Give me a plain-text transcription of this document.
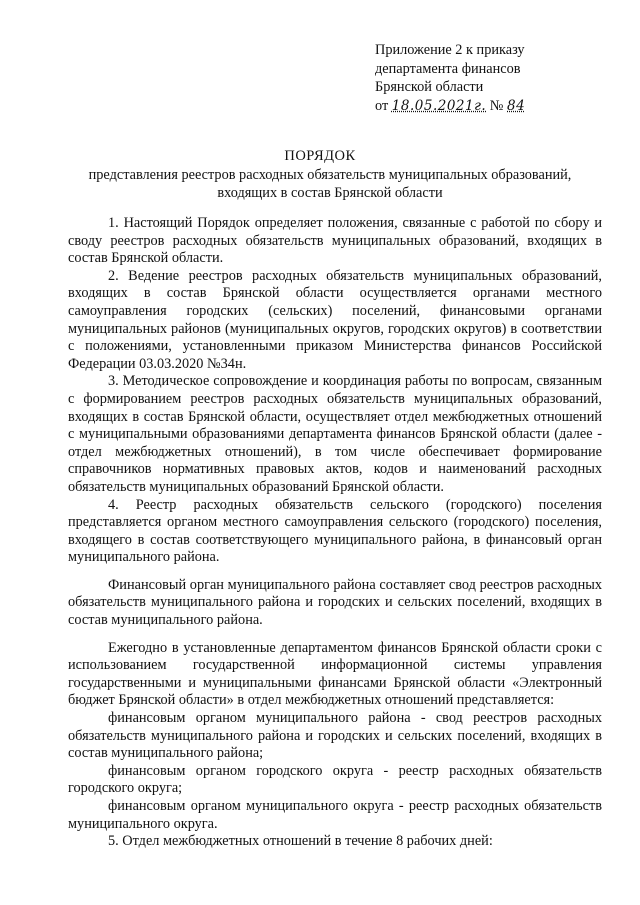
Приложение 2 к приказу
департамента финансов
Брянской области
от 18.05.2021г. № 84
ПОРЯДОК
представления реестров расходных обязательств муниципальных образований, входящих в состав Брянской области

1. Настоящий Порядок определяет положения, связанные с работой по сбору и своду реестров расходных обязательств муниципальных образований, входящих в состав Брянской области.

2. Ведение реестров расходных обязательств муниципальных образований, входящих в состав Брянской области осуществляется органами местного самоуправления городских (сельских) поселений, финансовыми органами муниципальных районов (муниципальных округов, городских округов) в соответствии с положениями, установленными приказом Министерства финансов Российской Федерации 03.03.2020 №34н.

3. Методическое сопровождение и координация работы по вопросам, связанным с формированием реестров расходных обязательств муниципальных образований, входящих в состав Брянской области, осуществляет отдел межбюджетных отношений с муниципальными образованиями департамента финансов Брянской области (далее - отдел межбюджетных отношений), в том числе обеспечивает формирование справочников нормативных правовых актов, кодов и наименований расходных обязательств муниципальных образований Брянской области.

4. Реестр расходных обязательств сельского (городского) поселения представляется органом местного самоуправления сельского (городского) поселения, входящего в состав соответствующего муниципального района, в финансовый орган муниципального района.

Финансовый орган муниципального района составляет свод реестров расходных обязательств муниципального района и городских и сельских поселений, входящих в состав муниципального района.

Ежегодно в установленные департаментом финансов Брянской области сроки с использованием государственной информационной системы управления государственными и муниципальными финансами Брянской области «Электронный бюджет Брянской области» в отдел межбюджетных отношений представляется:

финансовым органом муниципального района - свод реестров расходных обязательств муниципального района и городских и сельских поселений, входящих в состав муниципального района;

финансовым органом городского округа - реестр расходных обязательств городского округа;

финансовым органом муниципального округа - реестр расходных обязательств муниципального округа.

5. Отдел межбюджетных отношений в течение 8 рабочих дней:
